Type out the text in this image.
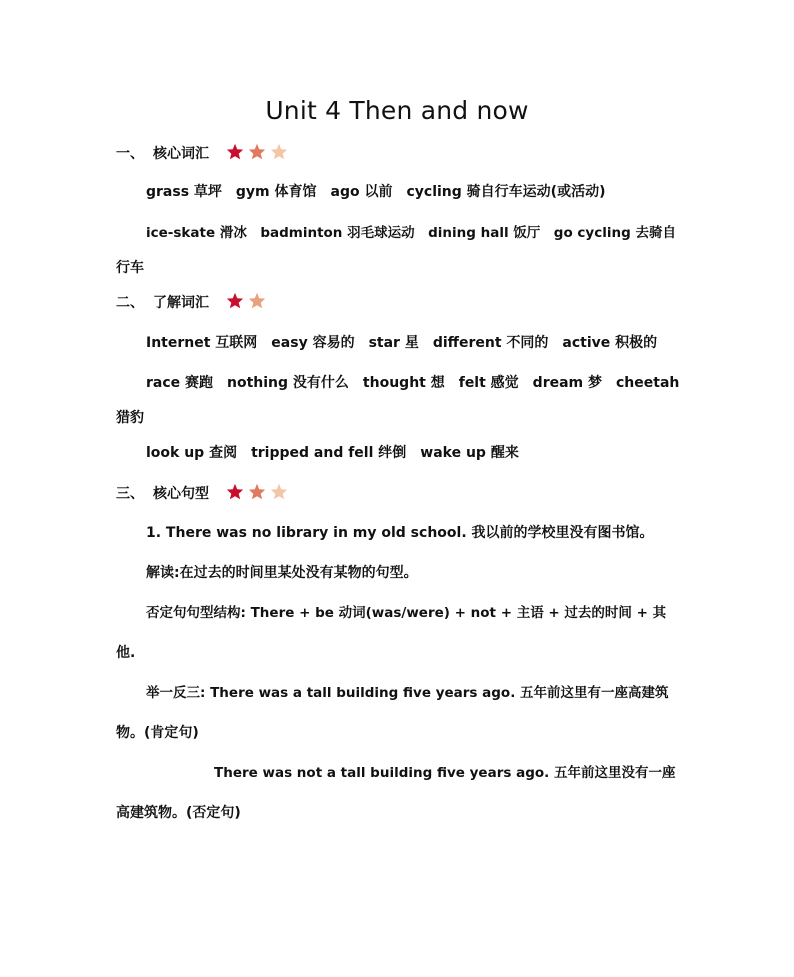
Unit 4 Then and now
一、 核心词汇
grass 草坪　gym 体育馆　ago 以前　cycling 骑自行车运动(或活动)
ice-skate 滑冰　badminton 羽毛球运动　dining hall 饭厅　go cycling 去骑自
行车
二、 了解词汇
Internet 互联网　easy 容易的　star 星　different 不同的　active 积极的
race 赛跑　nothing 没有什么　thought 想　felt 感觉　dream 梦　cheetah
猎豹
look up 查阅　tripped and fell 绊倒　wake up 醒来
三、 核心句型
1. There was no library in my old school. 我以前的学校里没有图书馆。
解读:在过去的时间里某处没有某物的句型。
否定句句型结构: There + be 动词(was/were) + not + 主语 + 过去的时间 + 其
他.
举一反三: There was a tall building five years ago. 五年前这里有一座高建筑
物。(肯定句)
There was not a tall building five years ago. 五年前这里没有一座
高建筑物。(否定句)
